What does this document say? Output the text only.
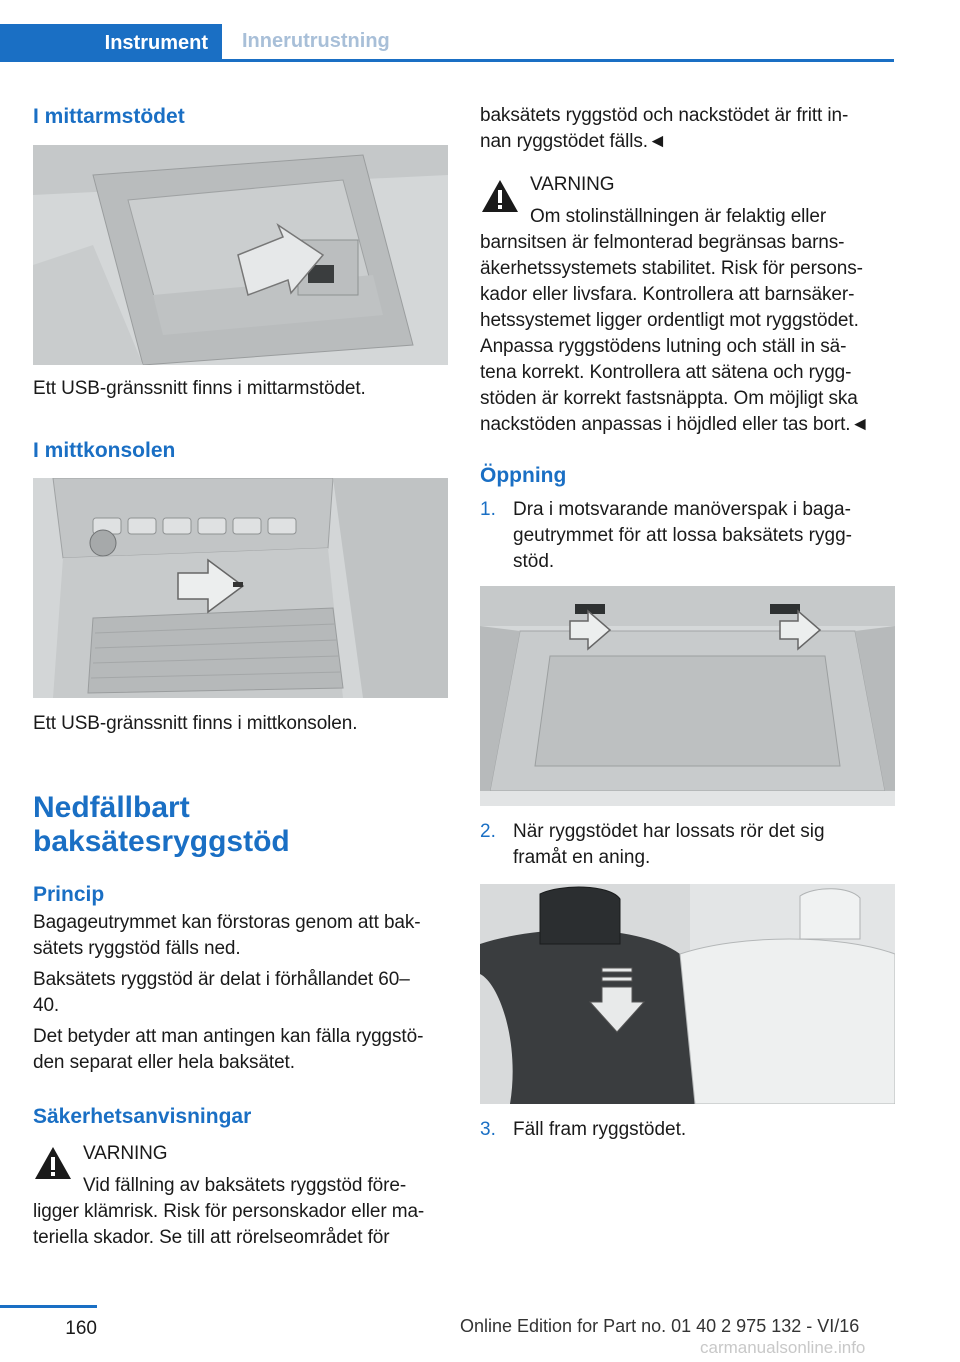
Instrument	Innerutrustning
I mittarmstödet
Ett USB-gränssnitt finns i mittarmstödet.
I mittkonsolen
Ett USB-gränssnitt finns i mittkonsolen.
Nedfällbart
baksätesryggstöd
Princip
Bagageutrymmet kan förstoras genom att bak‐
sätets ryggstöd fälls ned.
Baksätets ryggstöd är delat i förhållandet 60–
40.
Det betyder att man antingen kan fälla ryggstö‐
den separat eller hela baksätet.
Säkerhetsanvisningar
VARNING
Vid fällning av baksätets ryggstöd före‐
ligger klämrisk. Risk för personskador eller ma‐
teriella skador. Se till att rörelseområdet för
baksätets ryggstöd och nackstödet är fritt in‐
nan ryggstödet fälls.◄
VARNING
Om stolinställningen är felaktig eller
barnsitsen är felmonterad begränsas barns‐
äkerhetssystemets stabilitet. Risk för persons‐
kador eller livsfara. Kontrollera att barnsäker‐
hetssystemet ligger ordentligt mot ryggstödet.
Anpassa ryggstödens lutning och ställ in sä‐
tena korrekt. Kontrollera att sätena och rygg‐
stöden är korrekt fastsnäppta. Om möjligt ska
nackstöden anpassas i höjdled eller tas bort.◄
Öppning
1. Dra i motsvarande manöverspak i baga‐
geutrymmet för att lossa baksätets rygg‐
stöd.
2. När ryggstödet har lossats rör det sig
framåt en aning.
3. Fäll fram ryggstödet.
160	Online Edition for Part no. 01 40 2 975 132 - VI/16
carmanualsonline.info
